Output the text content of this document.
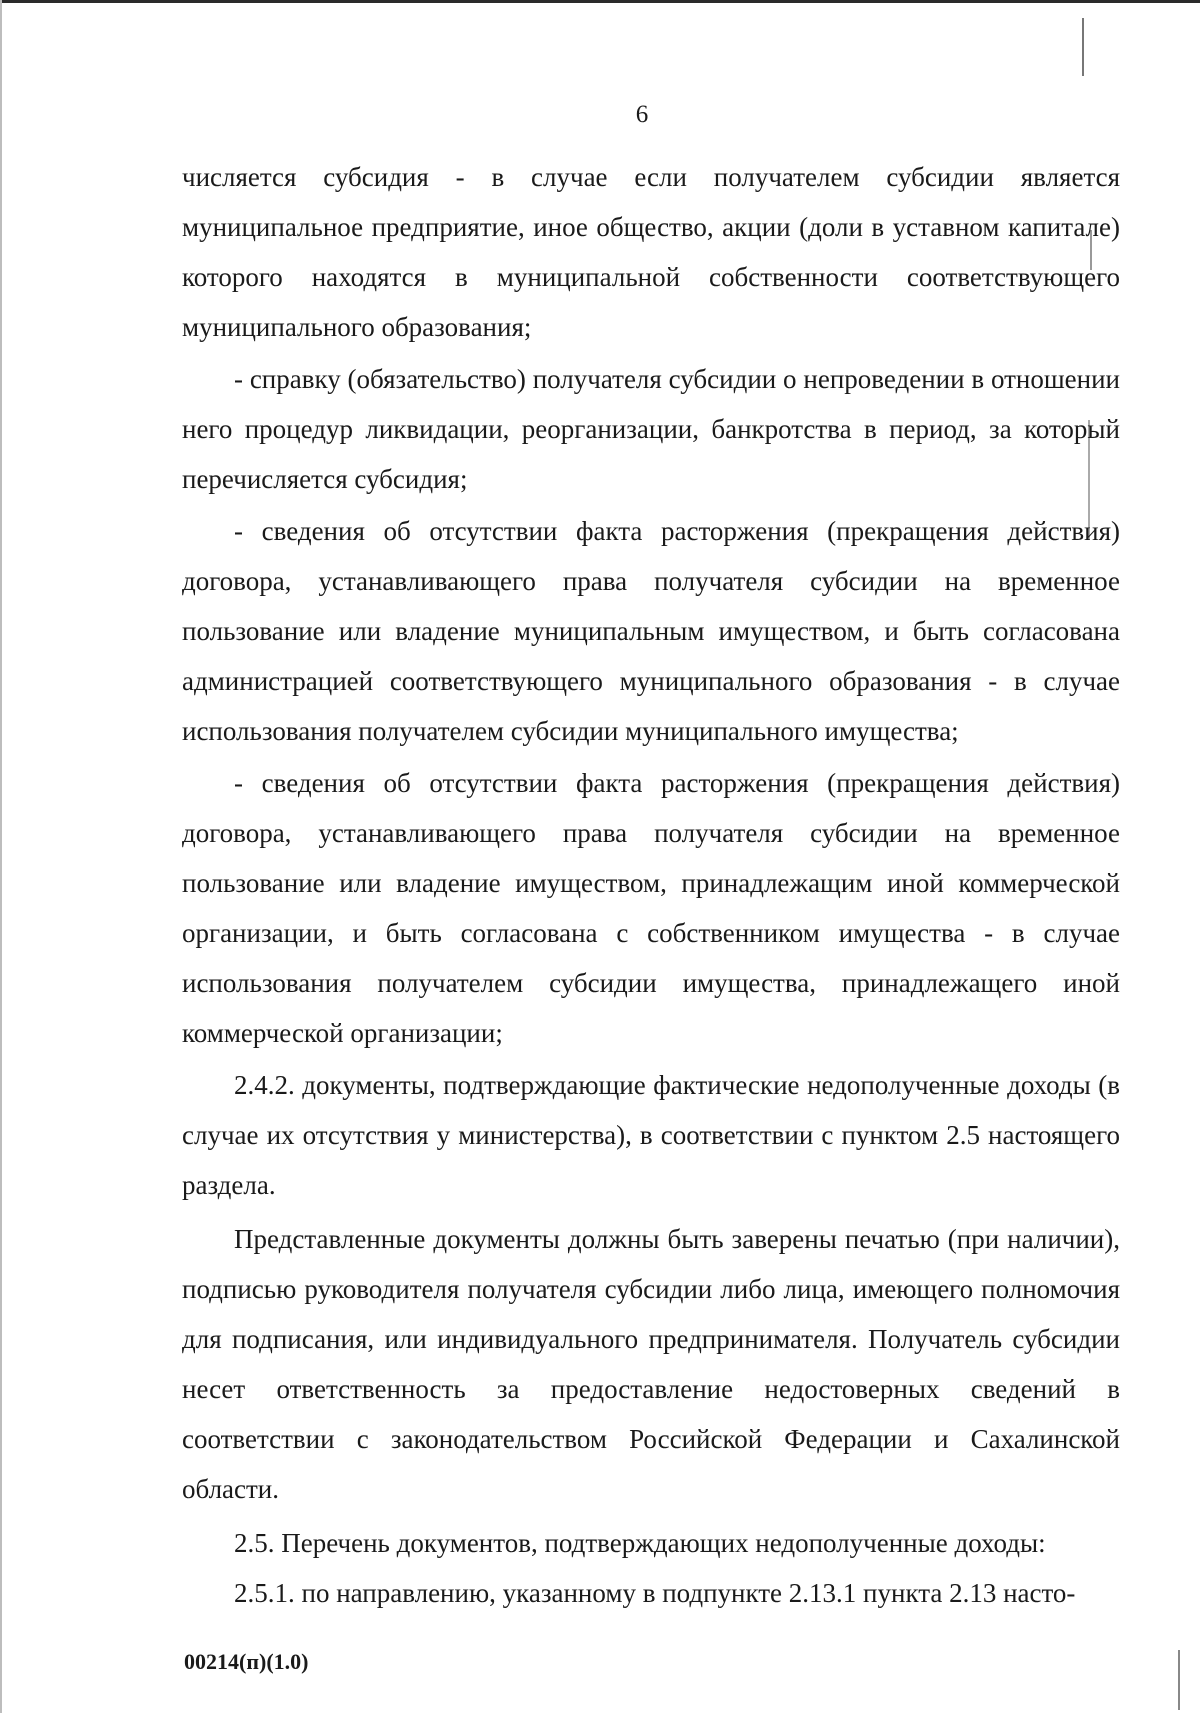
6

числяется субсидия - в случае если получателем субсидии является муниципальное предприятие, иное общество, акции (доли в уставном капитале) которого находятся в муниципальной собственности соответствующего муниципального образования;

- справку (обязательство) получателя субсидии о непроведении в отношении него процедур ликвидации, реорганизации, банкротства в период, за который перечисляется субсидия;

- сведения об отсутствии факта расторжения (прекращения действия) договора, устанавливающего права получателя субсидии на временное пользование или владение муниципальным имуществом, и быть согласована администрацией соответствующего муниципального образования - в случае использования получателем субсидии муниципального имущества;

- сведения об отсутствии факта расторжения (прекращения действия) договора, устанавливающего права получателя субсидии на временное пользование или владение имуществом, принадлежащим иной коммерческой организации, и быть согласована с собственником имущества - в случае использования получателем субсидии имущества, принадлежащего иной коммерческой организации;

2.4.2. документы, подтверждающие фактические недополученные доходы (в случае их отсутствия у министерства), в соответствии с пунктом 2.5 настоящего раздела.

Представленные документы должны быть заверены печатью (при наличии), подписью руководителя получателя субсидии либо лица, имеющего полномочия для подписания, или индивидуального предпринимателя. Получатель субсидии несет ответственность за предоставление недостоверных сведений в соответствии с законодательством Российской Федерации и Сахалинской области.

2.5. Перечень документов, подтверждающих недополученные доходы:

2.5.1. по направлению, указанному в подпункте 2.13.1 пункта 2.13 насто-

00214(п)(1.0)
